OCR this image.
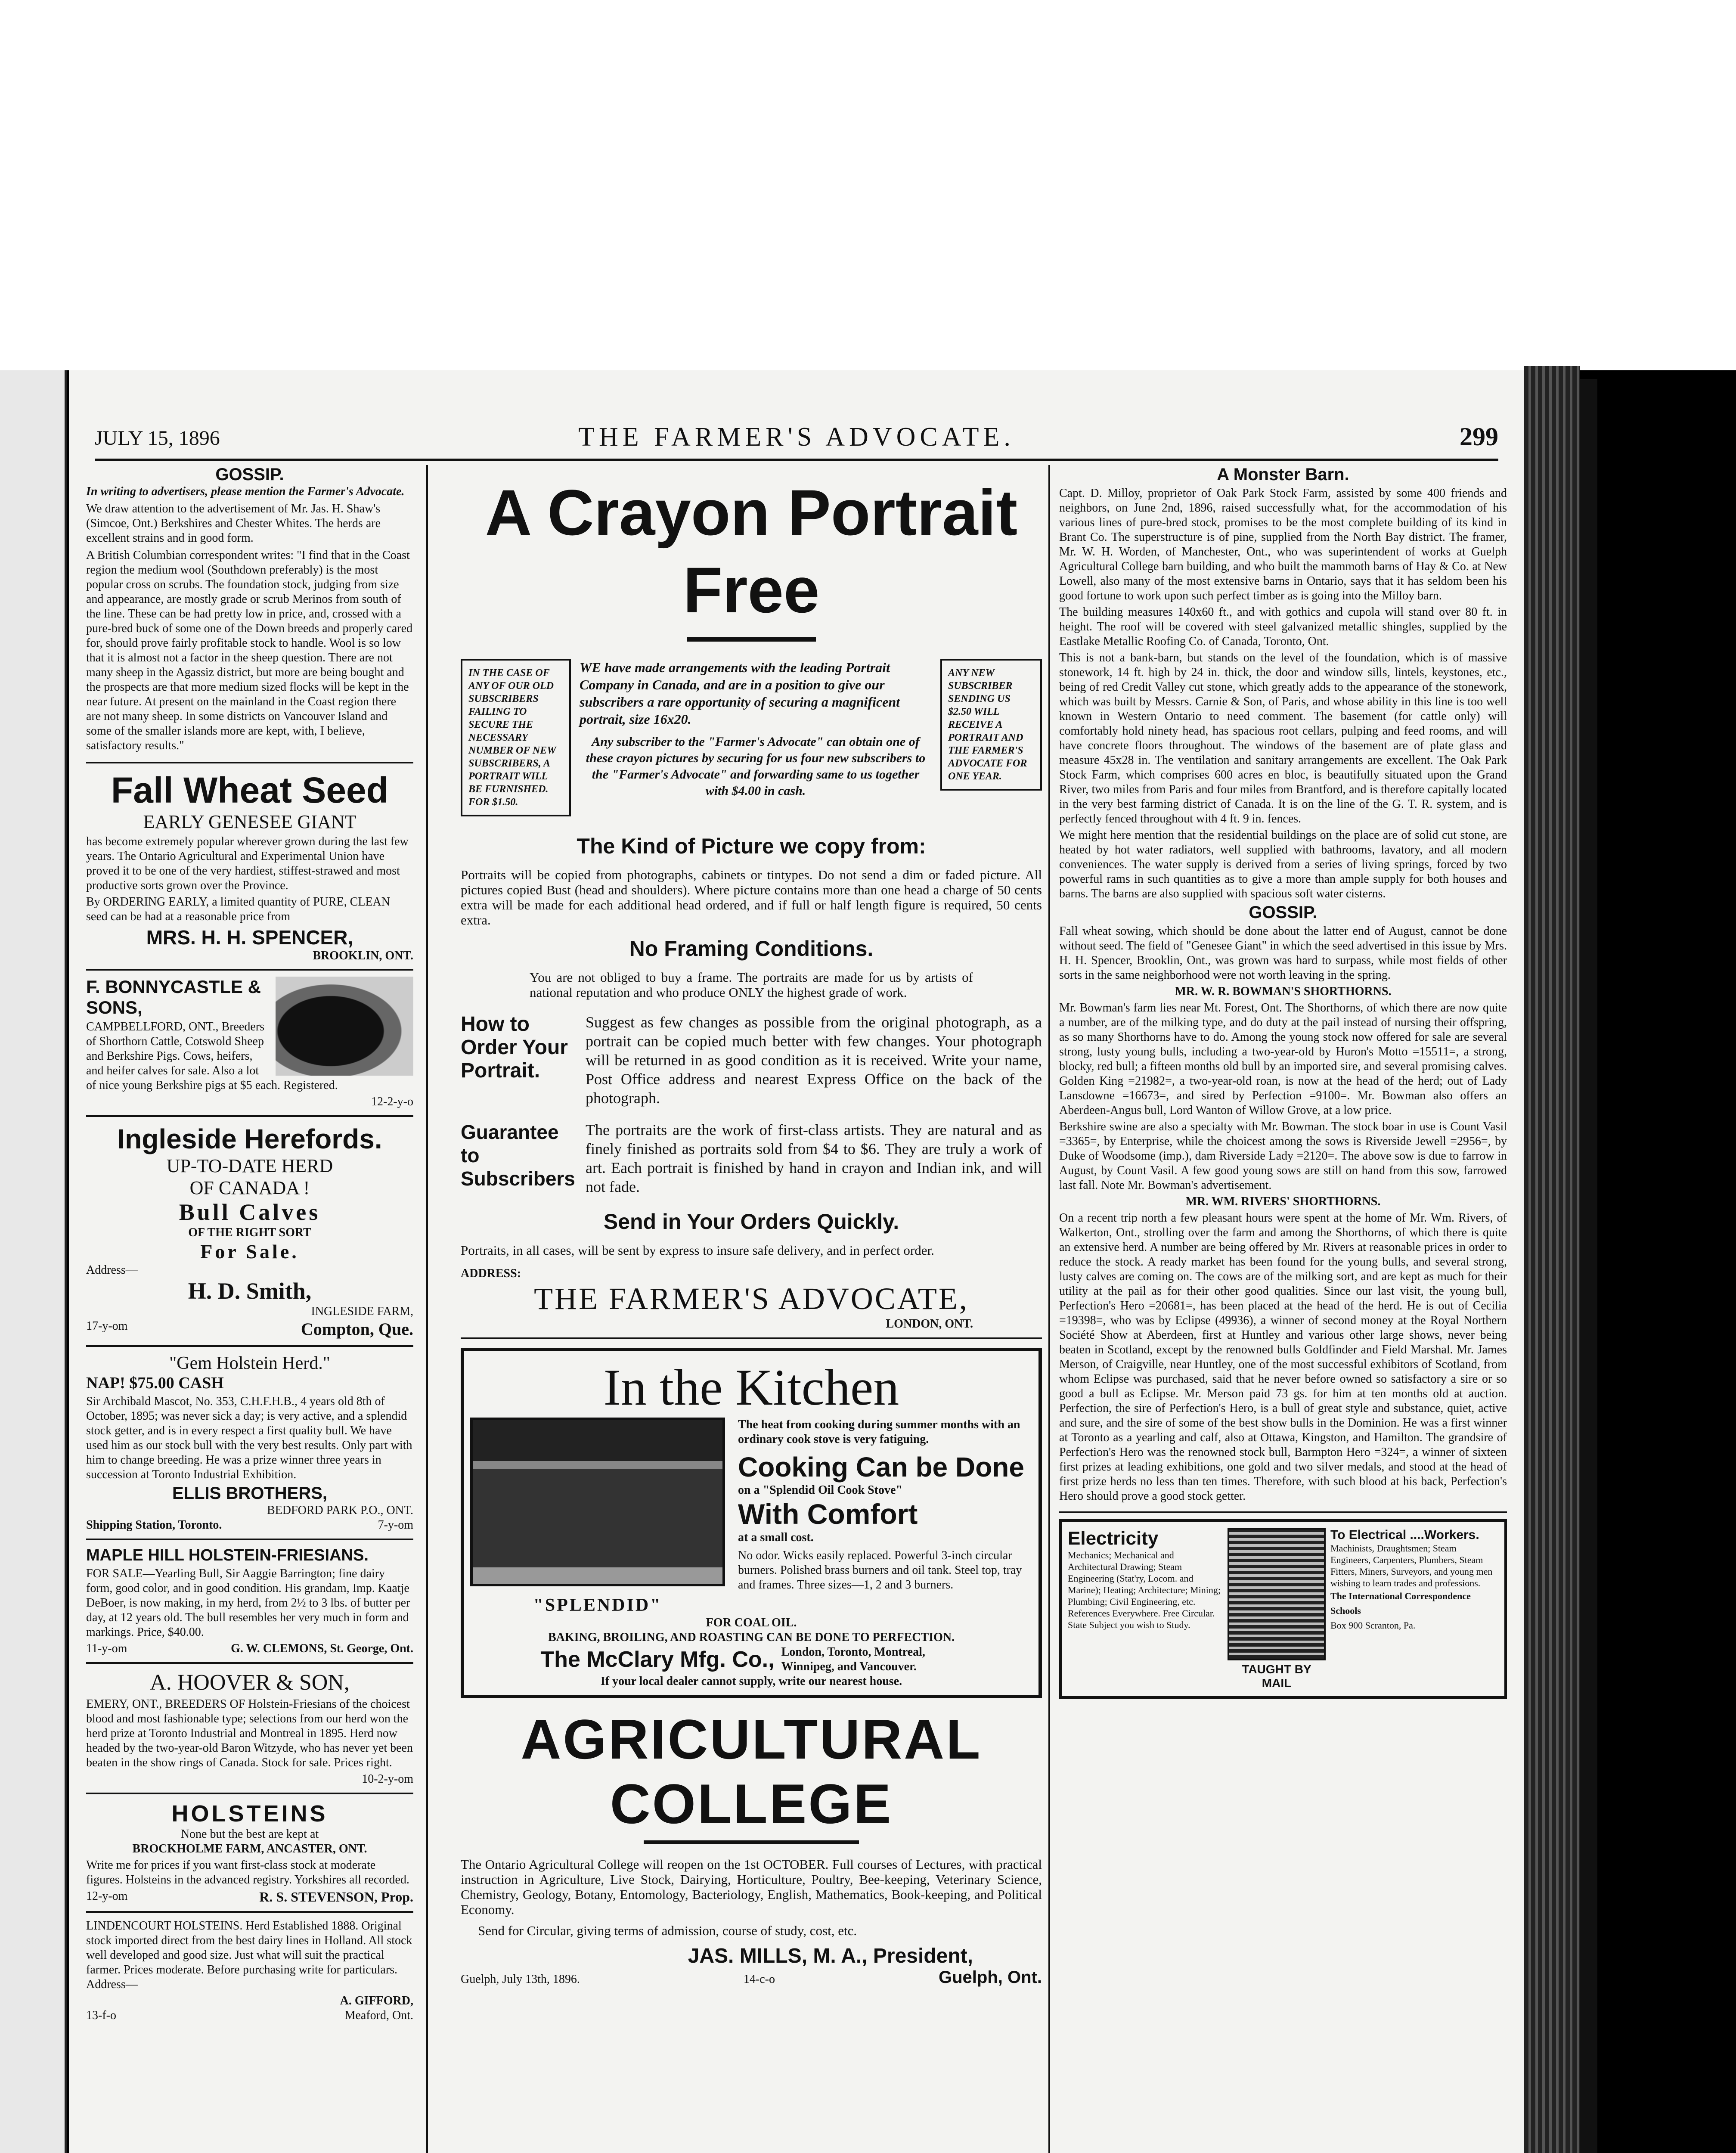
JULY 15, 1896	THE FARMER'S ADVOCATE.	299
GOSSIP.
In writing to advertisers, please mention the Farmer's Advocate.

We draw attention to the advertisement of Mr. Jas. H. Shaw's (Simcoe, Ont.) Berkshires and Chester Whites. The herds are excellent strains and in good form.

A British Columbian correspondent writes: "I find that in the Coast region the medium wool (Southdown preferably) is the most popular cross on scrubs. The foundation stock, judging from size and appearance, are mostly grade or scrub Merinos from south of the line. These can be had pretty low in price, and, crossed with a pure-bred buck of some one of the Down breeds and properly cared for, should prove fairly profitable stock to handle. Wool is so low that it is almost not a factor in the sheep question. There are not many sheep in the Agassiz district, but more are being bought and the prospects are that more medium sized flocks will be kept in the near future. At present on the mainland in the Coast region there are not many sheep. In some districts on Vancouver Island and some of the smaller islands more are kept, with, I believe, satisfactory results."

Fall Wheat Seed
EARLY GENESEE GIANT

has become extremely popular wherever grown during the last few years. The Ontario Agricultural and Experimental Union have proved it to be one of the very hardiest, stiffest-strawed and most productive sorts grown over the Province.

By ORDERING EARLY, a limited quantity of PURE, CLEAN seed can be had at a reasonable price from

MRS. H. H. SPENCER,
BROOKLIN, ONT.
F. BONNYCASTLE & SONS,

CAMPBELLFORD, ONT., Breeders of Shorthorn Cattle, Cotswold Sheep and Berkshire Pigs. Cows, heifers, and heifer calves for sale. Also a lot of nice young Berkshire pigs at $5 each. Registered.

12-2-y-o
Ingleside Herefords.
UP-TO-DATE HERD
OF CANADA !
Bull Calves
OF THE RIGHT SORT
For Sale.
Address—
H. D. Smith,
INGLESIDE FARM,
17-y-om	Compton, Que.
"Gem Holstein Herd."
NAP! $75.00 CASH

Sir Archibald Mascot, No. 353, C.H.F.H.B., 4 years old 8th of October, 1895; was never sick a day; is very active, and a splendid stock getter, and is in every respect a first quality bull. We have used him as our stock bull with the very best results. Only part with him to change breeding. He was a prize winner three years in succession at Toronto Industrial Exhibition.

ELLIS BROTHERS,
BEDFORD PARK P.O., ONT.
Shipping Station, Toronto.	7-y-om
MAPLE HILL HOLSTEIN-FRIESIANS.

FOR SALE—Yearling Bull, Sir Aaggie Barrington; fine dairy form, good color, and in good condition. His grandam, Imp. Kaatje DeBoer, is now making, in my herd, from 2½ to 3 lbs. of butter per day, at 12 years old. The bull resembles her very much in form and markings. Price, $40.00.

11-y-om	G. W. CLEMONS, St. George, Ont.
A. HOOVER & SON,

EMERY, ONT., BREEDERS OF Holstein-Friesians of the choicest blood and most fashionable type; selections from our herd won the herd prize at Toronto Industrial and Montreal in 1895. Herd now headed by the two-year-old Baron Witzyde, who has never yet been beaten in the show rings of Canada. Stock for sale. Prices right.

10-2-y-om
HOLSTEINS
None but the best are kept at
BROCKHOLME FARM, ANCASTER, ONT.

Write me for prices if you want first-class stock at moderate figures. Holsteins in the advanced registry. Yorkshires all recorded.

12-y-om	R. S. STEVENSON, Prop.

LINDENCOURT HOLSTEINS. Herd Established 1888. Original stock imported direct from the best dairy lines in Holland. All stock well developed and good size. Just what will suit the practical farmer. Prices moderate. Before purchasing write for particulars. Address—

A. GIFFORD,
13-f-o	Meaford, Ont.
A Crayon Portrait Free
IN THE CASE OF ANY OF OUR OLD SUBSCRIBERS FAILING TO SECURE THE NECESSARY NUMBER OF NEW SUBSCRIBERS, A PORTRAIT WILL BE FURNISHED. FOR $1.50.

WE have made arrangements with the leading Portrait Company in Canada, and are in a position to give our subscribers a rare opportunity of securing a magnificent portrait, size 16x20.

Any subscriber to the "Farmer's Advocate" can obtain one of these crayon pictures by securing for us four new subscribers to the "Farmer's Advocate" and forwarding same to us together with $4.00 in cash.

ANY NEW SUBSCRIBER SENDING US $2.50 WILL RECEIVE A PORTRAIT AND THE FARMER'S ADVOCATE FOR ONE YEAR.
The Kind of Picture we copy from:

Portraits will be copied from photographs, cabinets or tintypes. Do not send a dim or faded picture. All pictures copied Bust (head and shoulders). Where picture contains more than one head a charge of 50 cents extra will be made for each additional head ordered, and if full or half length figure is required, 50 cents extra.

No Framing Conditions.

You are not obliged to buy a frame. The portraits are made for us by artists of national reputation and who produce ONLY the highest grade of work.

How to Order Your Portrait.

Suggest as few changes as possible from the original photograph, as a portrait can be copied much better with few changes. Your photograph will be returned in as good condition as it is received. Write your name, Post Office address and nearest Express Office on the back of the photograph.

Guarantee to Subscribers

The portraits are the work of first-class artists. They are natural and as finely finished as portraits sold from $4 to $6. They are truly a work of art. Each portrait is finished by hand in crayon and Indian ink, and will not fade.

Send in Your Orders Quickly.

Portraits, in all cases, will be sent by express to insure safe delivery, and in perfect order.

ADDRESS:
THE FARMER'S ADVOCATE,
LONDON, ONT.
In the Kitchen
"SPLENDID"

The heat from cooking during summer months with an ordinary cook stove is very fatiguing.

Cooking Can be Done
on a "Splendid Oil Cook Stove"
With Comfort
at a small cost.

No odor. Wicks easily replaced. Powerful 3-inch circular burners. Polished brass burners and oil tank. Steel top, tray and frames. Three sizes—1, 2 and 3 burners.

FOR COAL OIL.
BAKING, BROILING, AND ROASTING CAN BE DONE TO PERFECTION.
The McClary Mfg. Co., London, Toronto, Montreal, Winnipeg, and Vancouver.
If your local dealer cannot supply, write our nearest house.
AGRICULTURAL COLLEGE

The Ontario Agricultural College will reopen on the 1st OCTOBER. Full courses of Lectures, with practical instruction in Agriculture, Live Stock, Dairying, Horticulture, Poultry, Bee-keeping, Veterinary Science, Chemistry, Geology, Botany, Entomology, Bacteriology, English, Mathematics, Book-keeping, and Political Economy.

Send for Circular, giving terms of admission, course of study, cost, etc.

JAS. MILLS, M. A., President,
Guelph, July 13th, 1896.	14-c-o	Guelph, Ont.
A Monster Barn.

Capt. D. Milloy, proprietor of Oak Park Stock Farm, assisted by some 400 friends and neighbors, on June 2nd, 1896, raised successfully what, for the accommodation of his various lines of pure-bred stock, promises to be the most complete building of its kind in Brant Co. The superstructure is of pine, supplied from the North Bay district. The framer, Mr. W. H. Worden, of Manchester, Ont., who was superintendent of works at Guelph Agricultural College barn building, and who built the mammoth barns of Hay & Co. at New Lowell, also many of the most extensive barns in Ontario, says that it has seldom been his good fortune to work upon such perfect timber as is going into the Milloy barn.

The building measures 140x60 ft., and with gothics and cupola will stand over 80 ft. in height. The roof will be covered with steel galvanized metallic shingles, supplied by the Eastlake Metallic Roofing Co. of Canada, Toronto, Ont.

This is not a bank-barn, but stands on the level of the foundation, which is of massive stonework, 14 ft. high by 24 in. thick, the door and window sills, lintels, keystones, etc., being of red Credit Valley cut stone, which greatly adds to the appearance of the stonework, which was built by Messrs. Carnie & Son, of Paris, and whose ability in this line is too well known in Western Ontario to need comment. The basement (for cattle only) will comfortably hold ninety head, has spacious root cellars, pulping and feed rooms, and will have concrete floors throughout. The windows of the basement are of plate glass and measure 45x28 in. The ventilation and sanitary arrangements are excellent. The Oak Park Stock Farm, which comprises 600 acres en bloc, is beautifully situated upon the Grand River, two miles from Paris and four miles from Brantford, and is therefore capitally located in the very best farming district of Canada. It is on the line of the G. T. R. system, and is perfectly fenced throughout with 4 ft. 9 in. fences.

We might here mention that the residential buildings on the place are of solid cut stone, are heated by hot water radiators, well supplied with bathrooms, lavatory, and all modern conveniences. The water supply is derived from a series of living springs, forced by two powerful rams in such quantities as to give a more than ample supply for both houses and barns. The barns are also supplied with spacious soft water cisterns.

GOSSIP.

Fall wheat sowing, which should be done about the latter end of August, cannot be done without seed. The field of "Genesee Giant" in which the seed advertised in this issue by Mrs. H. H. Spencer, Brooklin, Ont., was grown was hard to surpass, while most fields of other sorts in the same neighborhood were not worth leaving in the spring.

MR. W. R. BOWMAN'S SHORTHORNS.

Mr. Bowman's farm lies near Mt. Forest, Ont. The Shorthorns, of which there are now quite a number, are of the milking type, and do duty at the pail instead of nursing their offspring, as so many Shorthorns have to do. Among the young stock now offered for sale are several strong, lusty young bulls, including a two-year-old by Huron's Motto =15511=, a strong, blocky, red bull; a fifteen months old bull by an imported sire, and several promising calves. Golden King =21982=, a two-year-old roan, is now at the head of the herd; out of Lady Lansdowne =16673=, and sired by Perfection =9100=. Mr. Bowman also offers an Aberdeen-Angus bull, Lord Wanton of Willow Grove, at a low price.

Berkshire swine are also a specialty with Mr. Bowman. The stock boar in use is Count Vasil =3365=, by Enterprise, while the choicest among the sows is Riverside Jewell =2956=, by Duke of Woodsome (imp.), dam Riverside Lady =2120=. The above sow is due to farrow in August, by Count Vasil. A few good young sows are still on hand from this sow, farrowed last fall. Note Mr. Bowman's advertisement.

MR. WM. RIVERS' SHORTHORNS.

On a recent trip north a few pleasant hours were spent at the home of Mr. Wm. Rivers, of Walkerton, Ont., strolling over the farm and among the Shorthorns, of which there is quite an extensive herd. A number are being offered by Mr. Rivers at reasonable prices in order to reduce the stock. A ready market has been found for the young bulls, and several strong, lusty calves are coming on. The cows are of the milking sort, and are kept as much for their utility at the pail as for their other good qualities. Since our last visit, the young bull, Perfection's Hero =20681=, has been placed at the head of the herd. He is out of Cecilia =19398=, who was by Eclipse (49936), a winner of second money at the Royal Northern Société Show at Aberdeen, first at Huntley and various other large shows, never being beaten in Scotland, except by the renowned bulls Goldfinder and Field Marshal. Mr. James Merson, of Craigville, near Huntley, one of the most successful exhibitors of Scotland, from whom Eclipse was purchased, said that he never before owned so satisfactory a sire or so good a bull as Eclipse. Mr. Merson paid 73 gs. for him at ten months old at auction. Perfection, the sire of Perfection's Hero, is a bull of great style and substance, quiet, active and sure, and the sire of some of the best show bulls in the Dominion. He was a first winner at Toronto as a yearling and calf, also at Ottawa, Kingston, and Hamilton. The grandsire of Perfection's Hero was the renowned stock bull, Barmpton Hero =324=, a winner of sixteen first prizes at leading exhibitions, one gold and two silver medals, and stood at the head of first prize herds no less than ten times. Therefore, with such blood at his back, Perfection's Hero should prove a good stock getter.

Electricity

Mechanics; Mechanical and Architectural Drawing; Steam Engineering (Stat'ry, Locom. and Marine); Heating; Architecture; Mining; Plumbing; Civil Engineering, etc. References Everywhere. Free Circular. State Subject you wish to Study.

TAUGHT BY MAIL
To Electrical ....Workers.

Machinists, Draughtsmen; Steam Engineers, Carpenters, Plumbers, Steam Fitters, Miners, Surveyors, and young men wishing to learn trades and professions.

The International Correspondence Schools
Box 900 Scranton, Pa.
